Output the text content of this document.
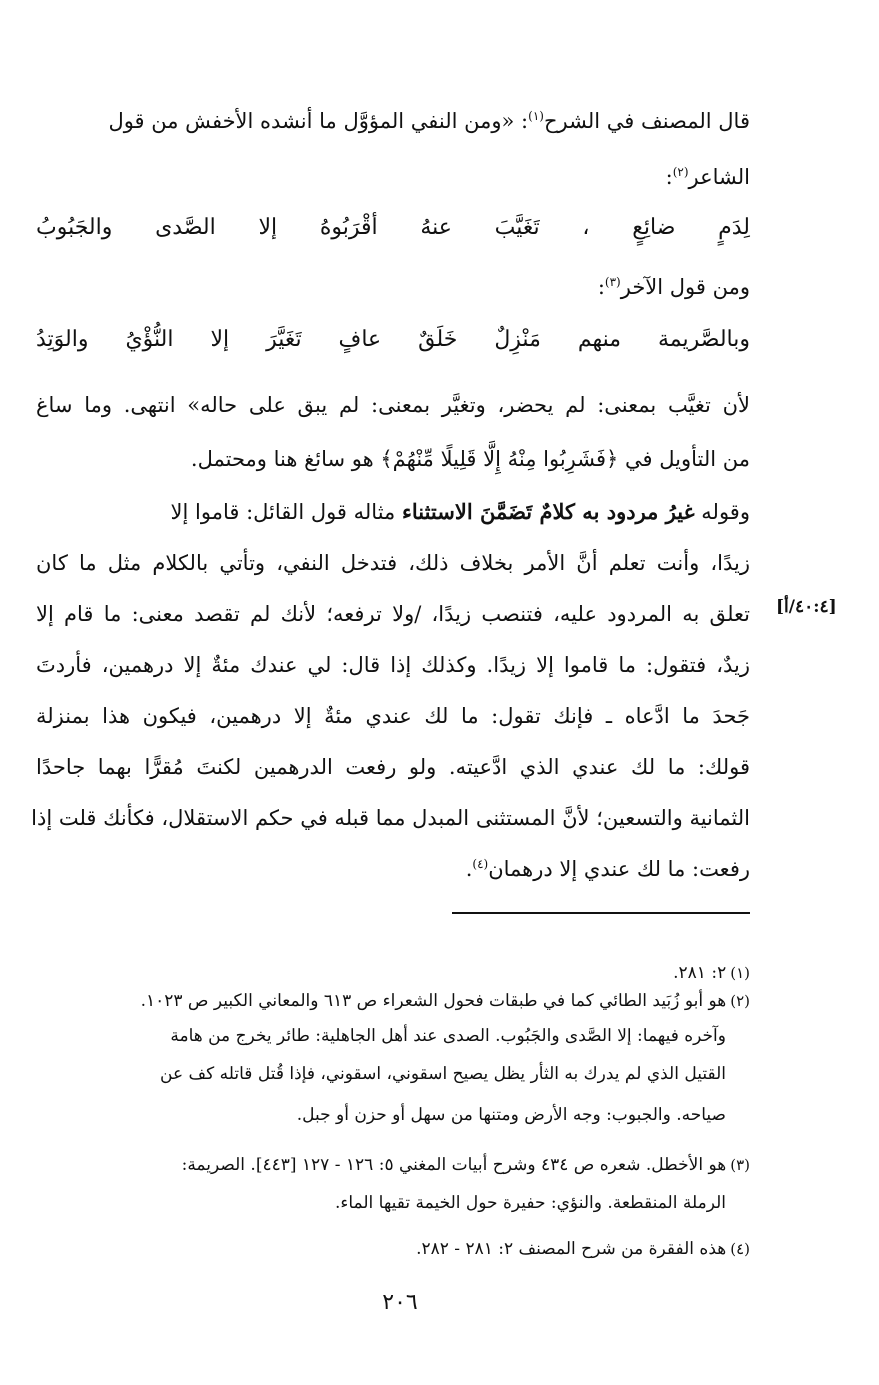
قال المصنف في الشرح$^{(١)}$: «ومن النفي المؤوَّل ما أنشده الأخفش من قول
الشاعر$^{(٢)}$:
لِدَمٍ
ضائِعٍ
،
تَغَيَّبَ
عنهُ
أقْرَبُوهُ
إلا
الصَّدى
والجَبُوبُ
ومن قول الآخر$^{(٣)}$:
وبالصَّريمة
منهم
مَنْزِلٌ
خَلَقٌ
عافٍ
تَغَيَّرَ
إلا
النُّؤْيُ
والوَتِدُ
لأن تغيَّب بمعنى: لم يحضر، وتغيَّر بمعنى: لم يبق على حاله» انتهى. وما ساغ
من التأويل في ﴿فَشَرِبُوا مِنْهُ إِلَّا قَلِيلًا مِّنْهُمْ﴾ هو سائغ هنا ومحتمل.
وقوله غيرُ مردود به كلامٌ تَضَمَّنَ الاستثناء مثاله قول القائل: قاموا إلا
زيدًا، وأنت تعلم أنَّ الأمر بخلاف ذلك، فتدخل النفي، وتأتي بالكلام مثل ما كان
تعلق به المردود عليه، فتنصب زيدًا، /ولا ترفعه؛ لأنك لم تقصد معنى: ما قام إلا
زيدٌ، فتقول: ما قاموا إلا زيدًا. وكذلك إذا قال: لي عندك مئةٌ إلا درهمين، فأردتَ
جَحدَ ما ادَّعاه ـ فإنك تقول: ما لك عندي مئةٌ إلا درهمين، فيكون هذا بمنزلة
قولك: ما لك عندي الذي ادَّعيته. ولو رفعت الدرهمين لكنتَ مُقرًّا بهما جاحدًا
الثمانية والتسعين؛ لأنَّ المستثنى المبدل مما قبله في حكم الاستقلال، فكأنك قلت إذا
رفعت: ما لك عندي إلا درهمان$^{(٤)}$.
[٤٠:٤/أ]
(١)٢: ٢٨١.
(٢)هو أبو زُبَيد الطائي كما في طبقات فحول الشعراء ص ٦١٣ والمعاني الكبير ص ١٠٢٣.
وآخره فيهما: إلا الصَّدى والجَبُوب. الصدى عند أهل الجاهلية: طائر يخرج من هامة
القتيل الذي لم يدرك به الثأر يظل يصيح اسقوني، اسقوني، فإذا قُتل قاتله كف عن
صياحه. والجبوب: وجه الأرض ومتنها من سهل أو حزن أو جبل.
(٣)هو الأخطل. شعره ص ٤٣٤ وشرح أبيات المغني ٥: ١٢٦ - ١٢٧ [٤٤٣]. الصريمة:
الرملة المنقطعة. والنؤي: حفيرة حول الخيمة تقيها الماء.
(٤)هذه الفقرة من شرح المصنف ٢: ٢٨١ - ٢٨٢.
٢٠٦
